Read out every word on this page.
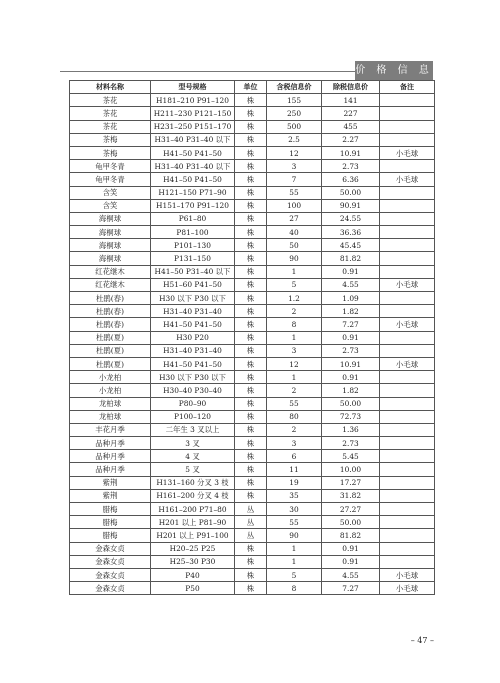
价 格 信 息
材料名称	型号规格	单位	含税信息价	除税信息价	备注
茶花	H181–210 P91–120	株	155	141	
茶花	H211–230 P121–150	株	250	227	
茶花	H231–250 P151–170	株	500	455	
茶梅	H31–40 P31–40 以下	株	2.5	2.27	
茶梅	H41–50 P41–50	株	12	10.91	小毛球
龟甲冬青	H31–40 P31–40 以下	株	3	2.73	
龟甲冬青	H41–50 P41–50	株	7	6.36	小毛球
含笑	H121–150 P71–90	株	55	50.00	
含笑	H151–170 P91–120	株	100	90.91	
海桐球	P61–80	株	27	24.55	
海桐球	P81–100	株	40	36.36	
海桐球	P101–130	株	50	45.45	
海桐球	P131–150	株	90	81.82	
红花继木	H41–50 P31–40 以下	株	1	0.91	
红花继木	H51–60 P41–50	株	5	4.55	小毛球
杜鹃(春)	H30 以下 P30 以下	株	1.2	1.09	
杜鹃(春)	H31–40 P31–40	株	2	1.82	
杜鹃(春)	H41–50 P41–50	株	8	7.27	小毛球
杜鹃(夏)	H30 P20	株	1	0.91	
杜鹃(夏)	H31–40 P31–40	株	3	2.73	
杜鹃(夏)	H41–50 P41–50	株	12	10.91	小毛球
小龙柏	H30 以下 P30 以下	株	1	0.91	
小龙柏	H30–40 P30–40	株	2	1.82	
龙柏球	P80–90	株	55	50.00	
龙柏球	P100–120	株	80	72.73	
丰花月季	二年生 3 叉以上	株	2	1.36	
品种月季	3 叉	株	3	2.73	
品种月季	4 叉	株	6	5.45	
品种月季	5 叉	株	11	10.00	
紫荆	H131–160 分叉 3 枝	株	19	17.27	
紫荆	H161–200 分叉 4 枝	株	35	31.82	
腊梅	H161–200 P71–80	丛	30	27.27	
腊梅	H201 以上 P81–90	丛	55	50.00	
腊梅	H201 以上 P91–100	丛	90	81.82	
金森女贞	H20–25 P25	株	1	0.91	
金森女贞	H25–30 P30	株	1	0.91	
金森女贞	P40	株	5	4.55	小毛球
金森女贞	P50	株	8	7.27	小毛球
– 47 –
